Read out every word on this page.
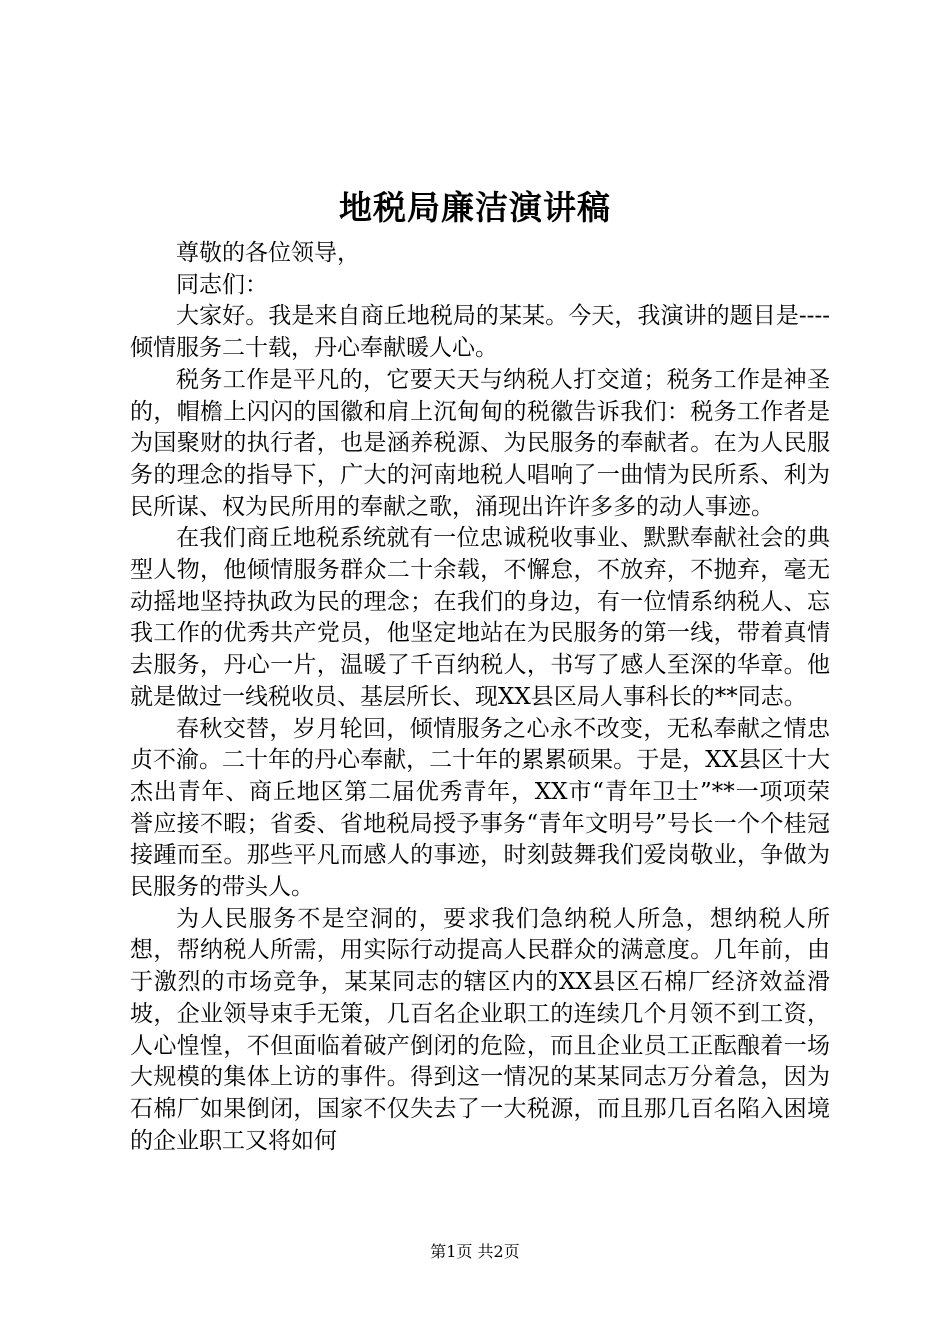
地税局廉洁演讲稿

尊敬的各位领导，

同志们：

大家好。我是来自商丘地税局的某某。今天，我演讲的题目是----倾情服务二十载，丹心奉献暖人心。

税务工作是平凡的，它要天天与纳税人打交道；税务工作是神圣的，帽檐上闪闪的国徽和肩上沉甸甸的税徽告诉我们：税务工作者是为国聚财的执行者，也是涵养税源、为民服务的奉献者。在为人民服务的理念的指导下，广大的河南地税人唱响了一曲情为民所系、利为民所谋、权为民所用的奉献之歌，涌现出许许多多的动人事迹。

在我们商丘地税系统就有一位忠诚税收事业、默默奉献社会的典型人物，他倾情服务群众二十余载，不懈怠，不放弃，不抛弃，毫无动摇地坚持执政为民的理念；在我们的身边，有一位情系纳税人、忘我工作的优秀共产党员，他坚定地站在为民服务的第一线，带着真情去服务，丹心一片，温暖了千百纳税人，书写了感人至深的华章。他就是做过一线税收员、基层所长、现XX县区局人事科长的**同志。

春秋交替，岁月轮回，倾情服务之心永不改变，无私奉献之情忠贞不渝。二十年的丹心奉献，二十年的累累硕果。于是，XX县区十大杰出青年、商丘地区第二届优秀青年，XX市“青年卫士”**一项项荣誉应接不暇；省委、省地税局授予事务“青年文明号”号长一个个桂冠接踵而至。那些平凡而感人的事迹，时刻鼓舞我们爱岗敬业，争做为民服务的带头人。

为人民服务不是空洞的，要求我们急纳税人所急，想纳税人所想，帮纳税人所需，用实际行动提高人民群众的满意度。几年前，由于激烈的市场竞争，某某同志的辖区内的XX县区石棉厂经济效益滑坡，企业领导束手无策，几百名企业职工的连续几个月领不到工资，人心惶惶，不但面临着破产倒闭的危险，而且企业员工正酝酿着一场大规模的集体上访的事件。得到这一情况的某某同志万分着急，因为石棉厂如果倒闭，国家不仅失去了一大税源，而且那几百名陷入困境的企业职工又将如何

第1页 共2页
